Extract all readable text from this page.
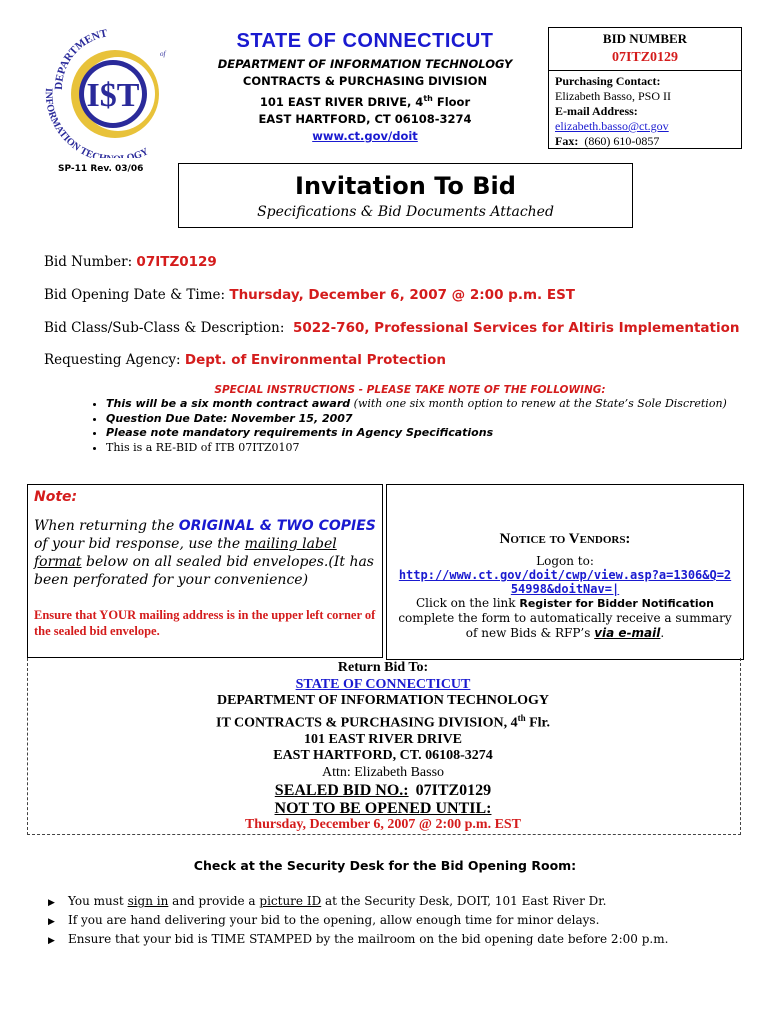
I$T
DEPARTMENT
of
INFORMATION TEC OGY
STATE OF CONNECTICUT
DEPARTMENT OF INFORMATION TECHNOLOGY
CONTRACTS & PURCHASING DIVISION
101 EAST RIVER DRIVE, 4th Floor
EAST HARTFORD, CT 06108-3274
www.ct.gov/doit
BID NUMBER
07ITZ0129
Purchasing Contact:
Elizabeth Basso, PSO II
E-mail Address:
elizabeth.basso@ct.gov
Fax: (860) 610-0857
SP-11 Rev. 03/06
Invitation To Bid
Specifications & Bid Documents Attached
Bid Number: 07ITZ0129
Bid Opening Date & Time: Thursday, December 6, 2007 @ 2:00 p.m. EST
Bid Class/Sub-Class & Description: 5022-760, Professional Services for Altiris Implementation
Requesting Agency: Dept. of Environmental Protection
SPECIAL INSTRUCTIONS - PLEASE TAKE NOTE OF THE FOLLOWING:
• This will be a six month contract award (with one six month option to renew at the State’s Sole Discretion)
• Question Due Date: November 15, 2007
• Please note mandatory requirements in Agency Specifications
• This is a RE-BID of ITB 07ITZ0107
Note:
When returning the ORIGINAL & TWO COPIES of your bid response, use the mailing label format below on all sealed bid envelopes.(It has been perforated for your convenience)
Ensure that YOUR mailing address is in the upper left corner of the sealed bid envelope.
Notice to Vendors:
Logon to:
http://www.ct.gov/doit/cwp/view.asp?a=1306&Q=254998&doitNav=|
Click on the link Register for Bidder Notification complete the form to automatically receive a summary of new Bids & RFP’s via e-mail.
Return Bid To:
STATE OF CONNECTICUT
DEPARTMENT OF INFORMATION TECHNOLOGY
IT CONTRACTS & PURCHASING DIVISION, 4th Flr.
101 EAST RIVER DRIVE
EAST HARTFORD, CT. 06108-3274
Attn: Elizabeth Basso
SEALED BID NO.: 07ITZ0129
NOT TO BE OPENED UNTIL:
Thursday, December 6, 2007 @ 2:00 p.m. EST
Check at the Security Desk for the Bid Opening Room:
▶ You must sign in and provide a picture ID at the Security Desk, DOIT, 101 East River Dr.
▶ If you are hand delivering your bid to the opening, allow enough time for minor delays.
▶ Ensure that your bid is TIME STAMPED by the mailroom on the bid opening date before 2:00 p.m.
